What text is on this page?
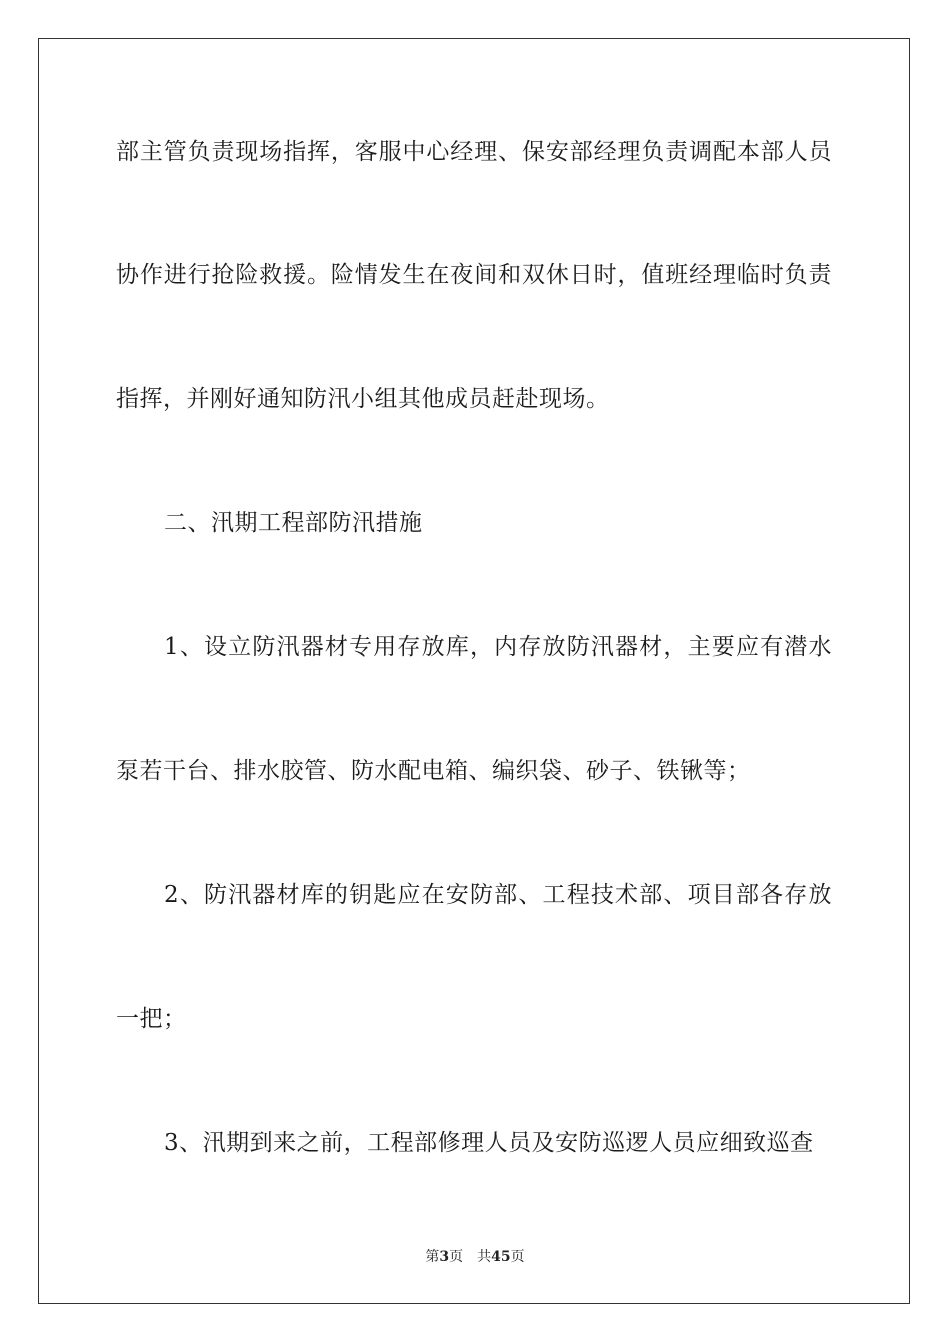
部主管负责现场指挥，客服中心经理、保安部经理负责调配本部人员
协作进行抢险救援。险情发生在夜间和双休日时，值班经理临时负责
指挥，并刚好通知防汛小组其他成员赶赴现场。
二、汛期工程部防汛措施
1、设立防汛器材专用存放库，内存放防汛器材，主要应有潜水
泵若干台、排水胶管、防水配电箱、编织袋、砂子、铁锹等；
2、防汛器材库的钥匙应在安防部、工程技术部、项目部各存放
一把；
3、汛期到来之前，工程部修理人员及安防巡逻人员应细致巡查
第3页 共45页
